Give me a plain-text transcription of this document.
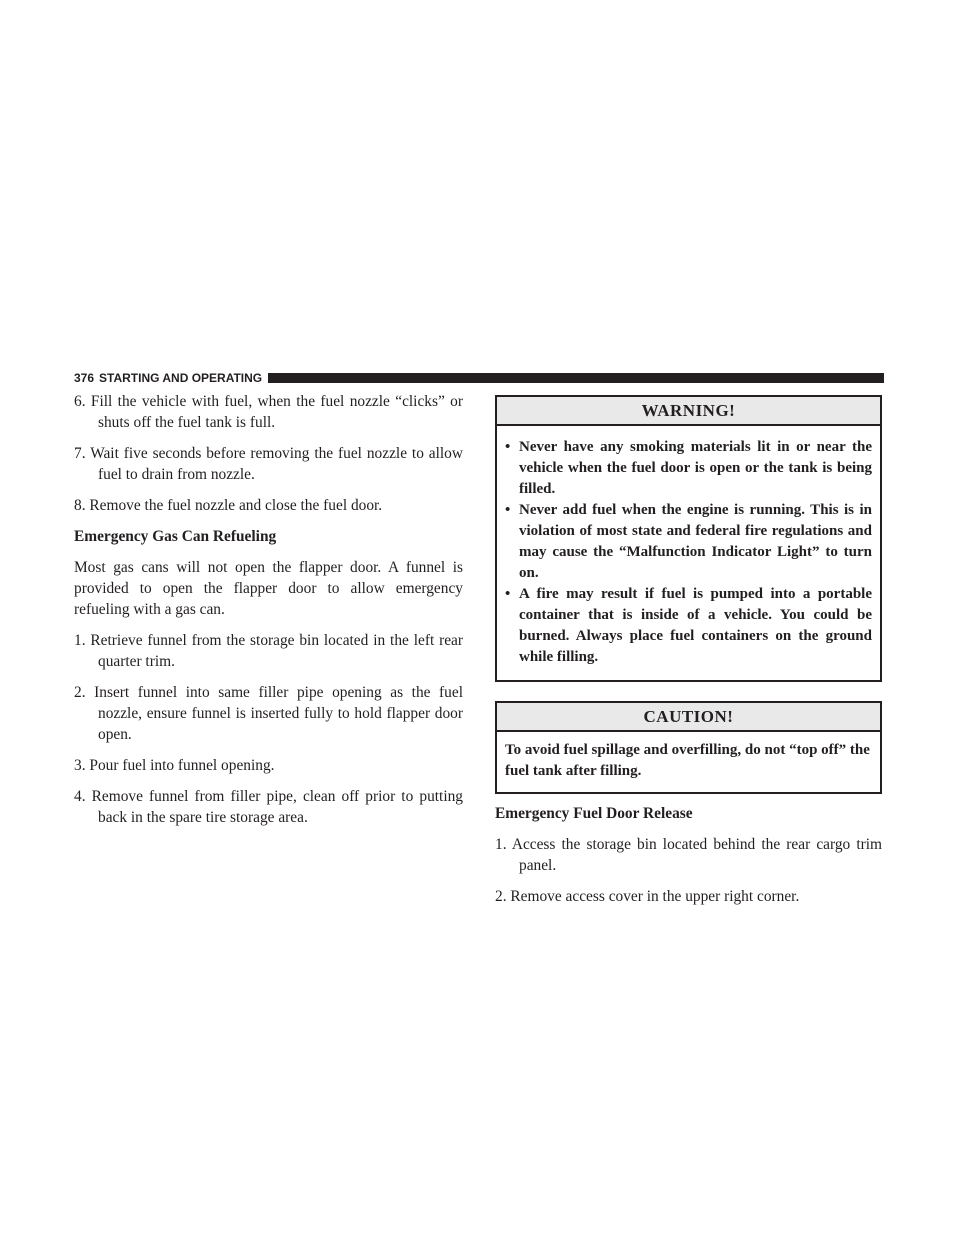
376 STARTING AND OPERATING
6. Fill the vehicle with fuel, when the fuel nozzle “clicks” or shuts off the fuel tank is full.
7. Wait five seconds before removing the fuel nozzle to allow fuel to drain from nozzle.
8. Remove the fuel nozzle and close the fuel door.
Emergency Gas Can Refueling
Most gas cans will not open the flapper door. A funnel is provided to open the flapper door to allow emergency refueling with a gas can.
1. Retrieve funnel from the storage bin located in the left rear quarter trim.
2. Insert funnel into same filler pipe opening as the fuel nozzle, ensure funnel is inserted fully to hold flapper door open.
3. Pour fuel into funnel opening.
4. Remove funnel from filler pipe, clean off prior to putting back in the spare tire storage area.
WARNING!
• Never have any smoking materials lit in or near the vehicle when the fuel door is open or the tank is being filled.
• Never add fuel when the engine is running. This is in violation of most state and federal fire regulations and may cause the “Malfunction Indicator Light” to turn on.
• A fire may result if fuel is pumped into a portable container that is inside of a vehicle. You could be burned. Always place fuel containers on the ground while filling.
CAUTION!
To avoid fuel spillage and overfilling, do not “top off” the fuel tank after filling.
Emergency Fuel Door Release
1. Access the storage bin located behind the rear cargo trim panel.
2. Remove access cover in the upper right corner.
